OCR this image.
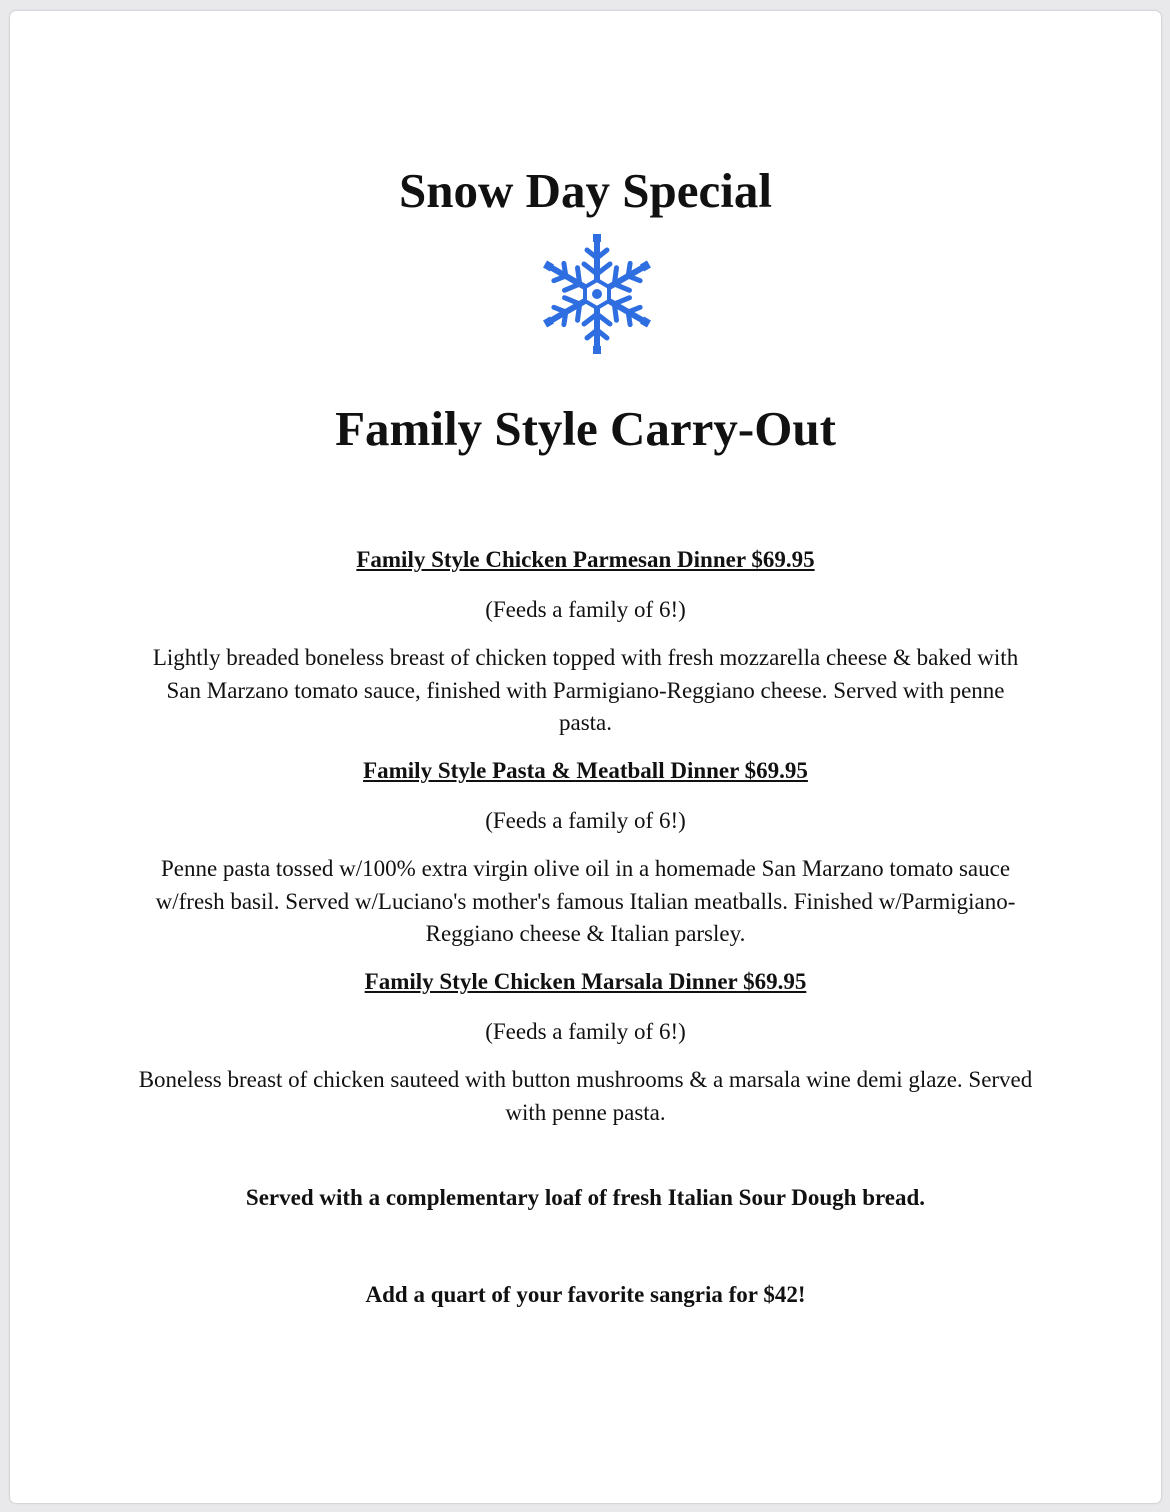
Snow Day Special
Family Style Carry-Out

Family Style Chicken Parmesan Dinner $69.95

(Feeds a family of 6!)

Lightly breaded boneless breast of chicken topped with fresh mozzarella cheese & baked with San Marzano tomato sauce, finished with Parmigiano-Reggiano cheese. Served with penne pasta.

Family Style Pasta & Meatball Dinner $69.95

(Feeds a family of 6!)

Penne pasta tossed w/100% extra virgin olive oil in a homemade San Marzano tomato sauce w/fresh basil. Served w/Luciano's mother's famous Italian meatballs. Finished w/Parmigiano-Reggiano cheese & Italian parsley.

Family Style Chicken Marsala Dinner $69.95

(Feeds a family of 6!)

Boneless breast of chicken sauteed with button mushrooms & a marsala wine demi glaze. Served with penne pasta.

Served with a complementary loaf of fresh Italian Sour Dough bread.

Add a quart of your favorite sangria for $42!
